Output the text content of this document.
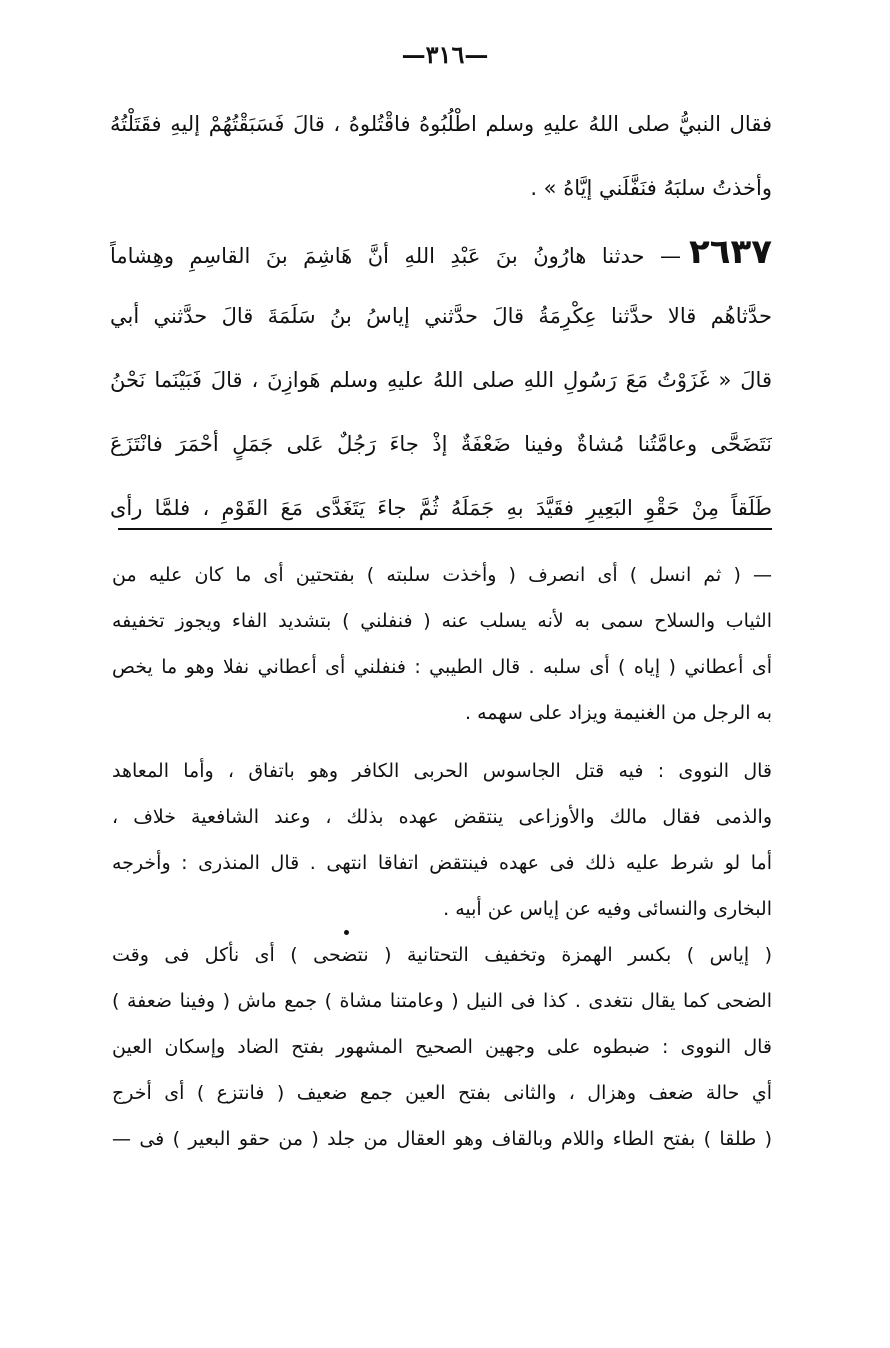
—٣١٦—
فقال النبيُّ صلى اللهُ عليهِ وسلم اطْلُبُوهُ فاقْتُلوهُ ، قالَ فَسَبَقْتُهُمْ إليهِ فقَتَلْتُهُ
وأخذتُ سلبَهُ فنَفَّلَني إيَّاهُ » .
٢٦٣٧— حدثنا هارُونُ بنَ عَبْدِ اللهِ أنَّ هَاشِمَ بنَ القاسِمِ وهِشاماً
حدَّثاهُم قالا حدَّثنا عِكْرِمَةُ قالَ حدَّثني إياسُ بنُ سَلَمَةَ قالَ حدَّثني أبي
قالَ « غَزَوْتُ مَعَ رَسُولِ اللهِ صلى اللهُ عليهِ وسلم هَوازِنَ ، قالَ فَبَيْنَما نَحْنُ
نَتَضَحَّى وعامَّتُنا مُشاةٌ وفينا ضَعْفَةٌ إذْ جاءَ رَجُلٌ عَلى جَمَلٍ أحْمَرَ فانْتَزَعَ
طَلَقاً مِنْ حَقْوِ البَعِيرِ فقَيَّدَ بهِ جَمَلَهُ ثُمَّ جاءَ يَتَغَدَّى مَعَ القَوْمِ ، فلمَّا رأى
— ( ثم انسل ) أى انصرف ( وأخذت سلبته ) بفتحتين أى ما كان عليه من
الثياب والسلاح سمى به لأنه يسلب عنه ( فنفلني ) بتشديد الفاء ويجوز تخفيفه
أى أعطاني ( إياه ) أى سلبه . قال الطيبي : فنفلني أى أعطاني نفلا وهو ما يخص
به الرجل من الغنيمة ويزاد على سهمه .
قال النووى : فيه قتل الجاسوس الحربى الكافر وهو باتفاق ، وأما المعاهد
والذمى فقال مالك والأوزاعى ينتقض عهده بذلك ، وعند الشافعية خلاف ،
أما لو شرط عليه ذلك فى عهده فينتقض اتفاقا انتهى . قال المنذرى : وأخرجه
البخارى والنسائى وفيه عن إياس عن أبيه .
( إياس ) بكسر الهمزة وتخفيف التحتانية ( نتضحى ) أى نأكل فى وقت
الضحى كما يقال نتغدى . كذا فى النيل ( وعامتنا مشاة ) جمع ماش ( وفينا ضعفة )
قال النووى : ضبطوه على وجهين الصحيح المشهور بفتح الضاد وإسكان العين
أي حالة ضعف وهزال ، والثانى بفتح العين جمع ضعيف ( فانتزع ) أى أخرج
( طلقا ) بفتح الطاء واللام وبالقاف وهو العقال من جلد ( من حقو البعير ) فى —
